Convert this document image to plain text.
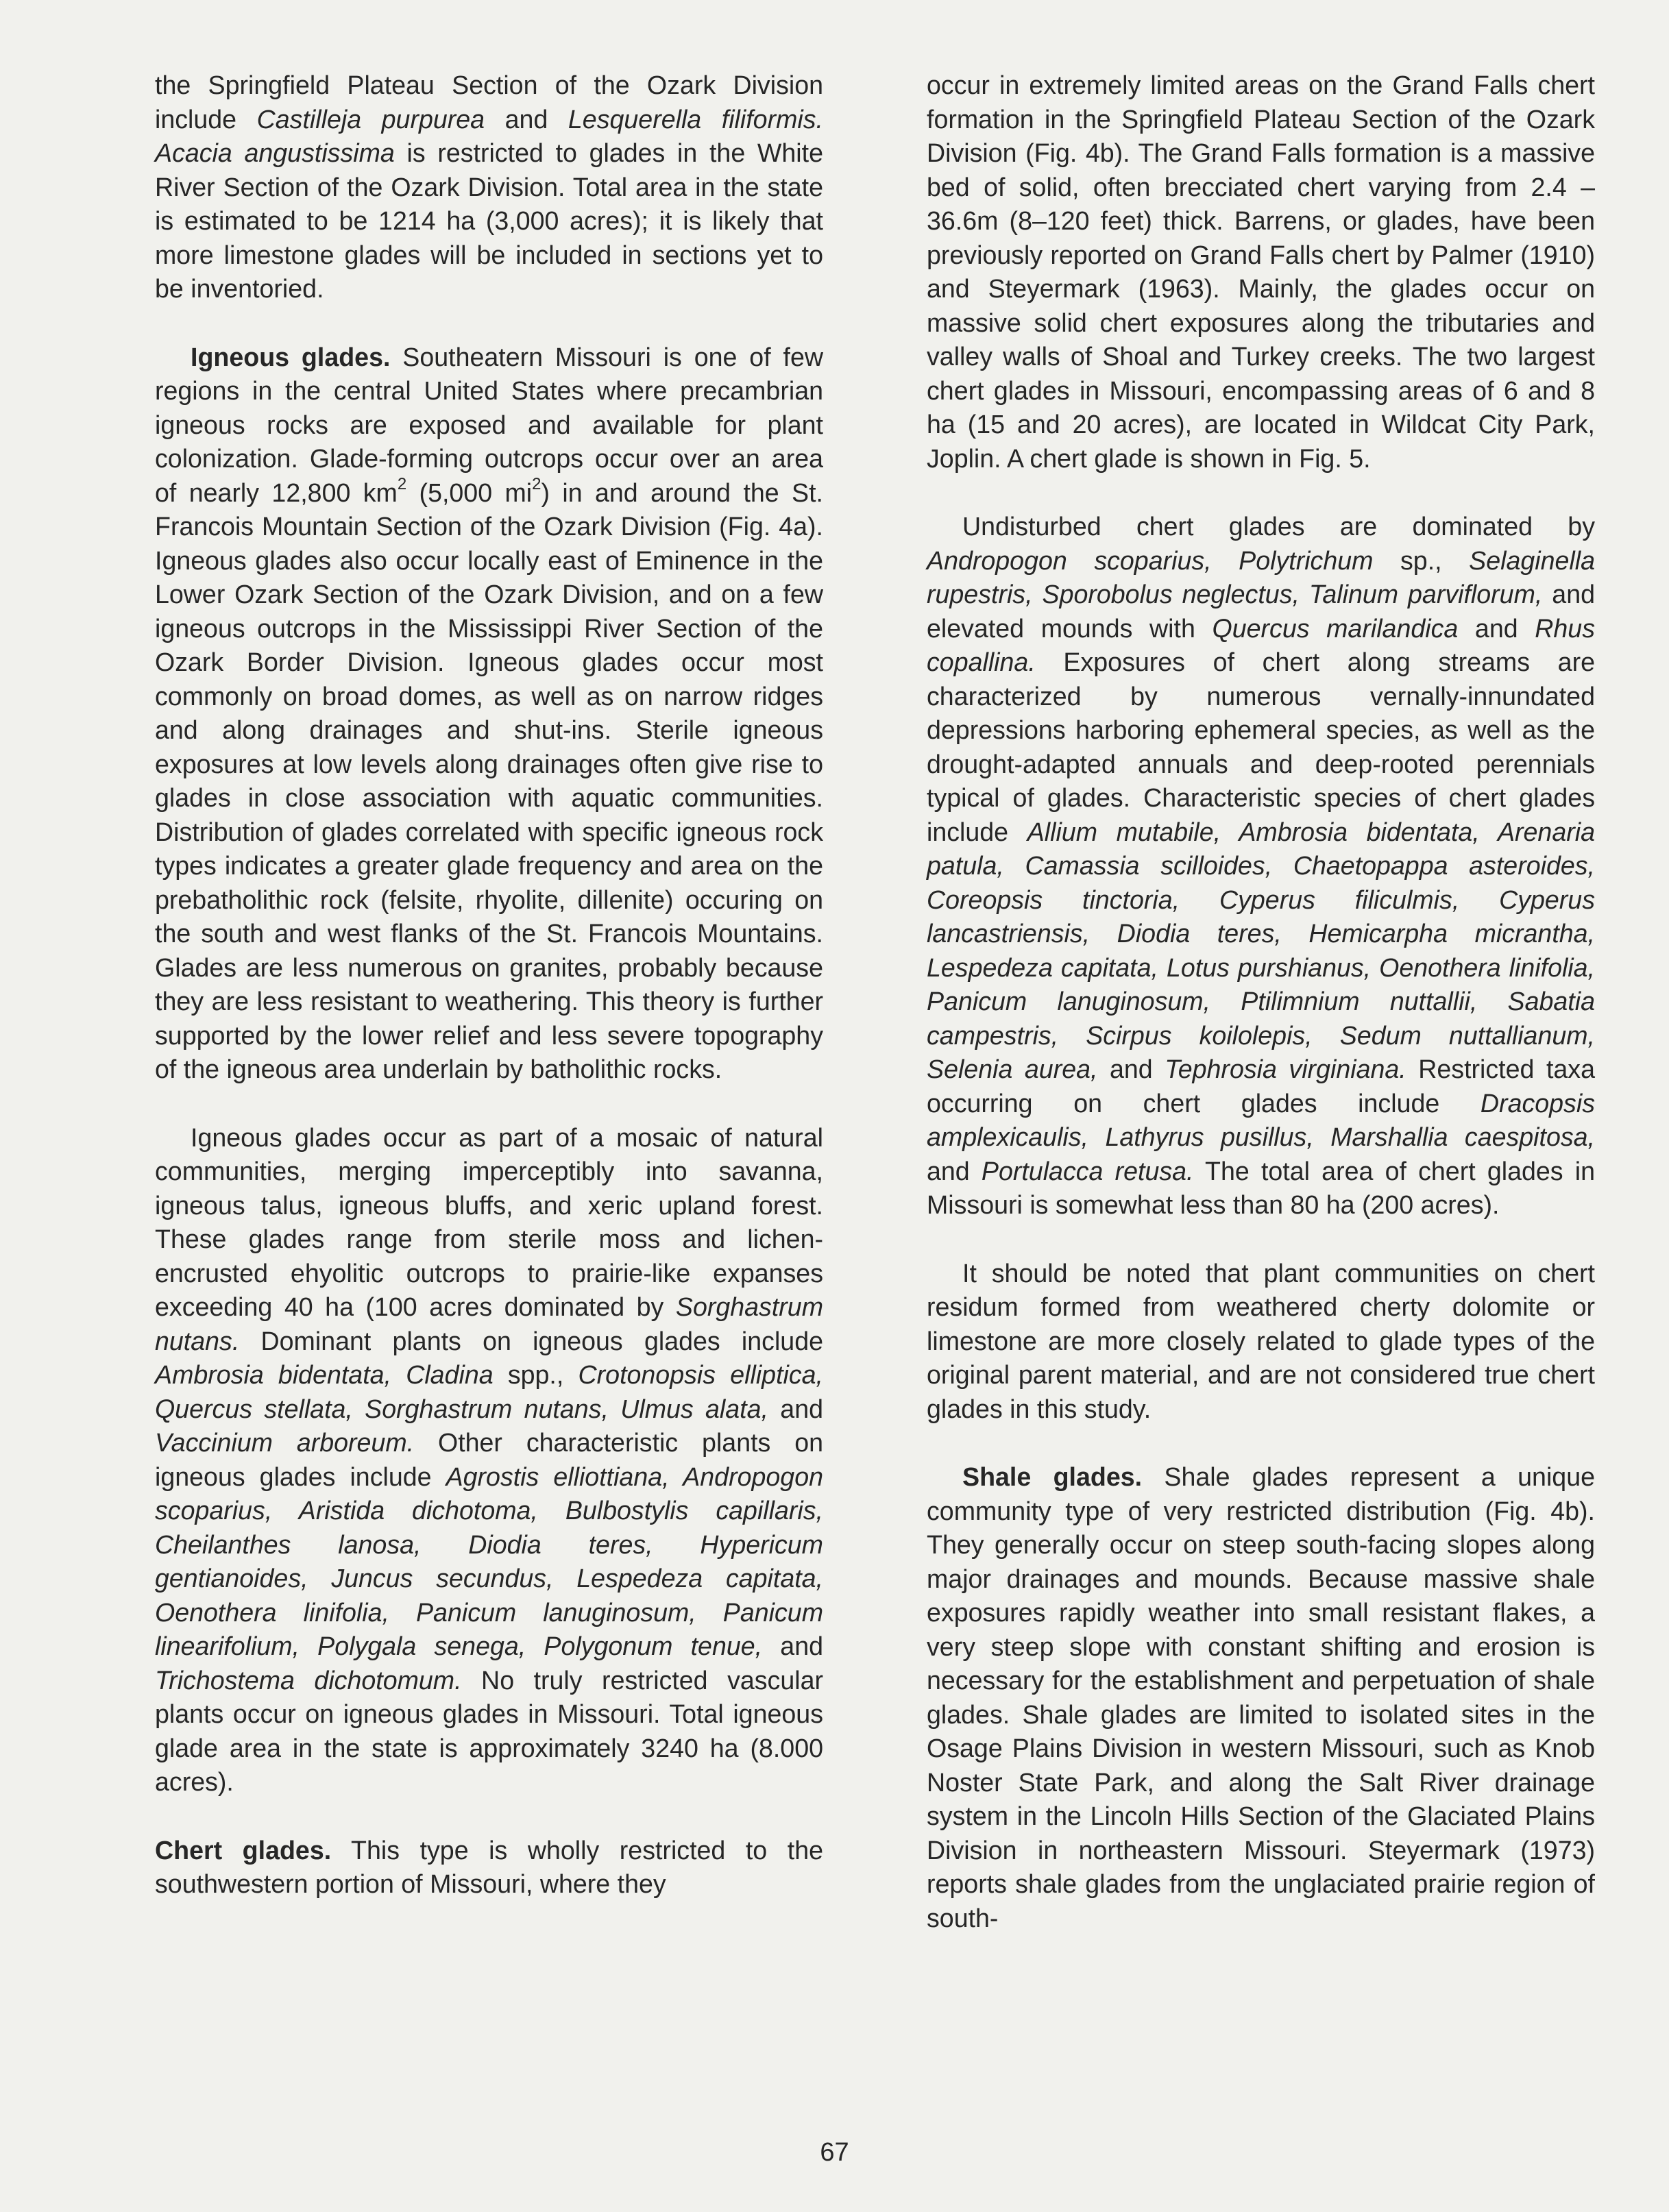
the Springfield Plateau Section of the Ozark Division include Castilleja purpurea and Lesquerella filiformis. Acacia angustissima is restricted to glades in the White River Section of the Ozark Division. Total area in the state is estimated to be 1214 ha (3,000 acres); it is likely that more limestone glades will be included in sections yet to be inventoried.

Igneous glades. Southeatern Missouri is one of few regions in the central United States where precambrian igneous rocks are exposed and available for plant colonization. Glade-forming outcrops occur over an area of nearly 12,800 $km^2$ (5,000 $mi^2$) in and around the St. Francois Mountain Section of the Ozark Division (Fig. 4a). Igneous glades also occur locally east of Eminence in the Lower Ozark Section of the Ozark Division, and on a few igneous outcrops in the Mississippi River Section of the Ozark Border Division. Igneous glades occur most commonly on broad domes, as well as on narrow ridges and along drainages and shut-ins. Sterile igneous exposures at low levels along drainages often give rise to glades in close association with aquatic communities. Distribution of glades correlated with specific igneous rock types indicates a greater glade frequency and area on the prebatholithic rock (felsite, rhyolite, dillenite) occuring on the south and west flanks of the St. Francois Mountains. Glades are less numerous on granites, probably because they are less resistant to weathering. This theory is further supported by the lower relief and less severe topography of the igneous area underlain by batholithic rocks.

Igneous glades occur as part of a mosaic of natural communities, merging imperceptibly into savanna, igneous talus, igneous bluffs, and xeric upland forest. These glades range from sterile moss and lichen-encrusted ehyolitic outcrops to prairie-like expanses exceeding 40 ha (100 acres dominated by Sorghastrum nutans. Dominant plants on igneous glades include Ambrosia bidentata, Cladina spp., Crotonopsis elliptica, Quercus stellata, Sorghastrum nutans, Ulmus alata, and Vaccinium arboreum. Other characteristic plants on igneous glades include Agrostis elliottiana, Andropogon scoparius, Aristida dichotoma, Bulbostylis capillaris, Cheilanthes lanosa, Diodia teres, Hypericum gentianoides, Juncus secundus, Lespedeza capitata, Oenothera linifolia, Panicum lanuginosum, Panicum linearifolium, Polygala senega, Polygonum tenue, and Trichostema dichotomum. No truly restricted vascular plants occur on igneous glades in Missouri. Total igneous glade area in the state is approximately 3240 ha (8.000 acres).

Chert glades. This type is wholly restricted to the southwestern portion of Missouri, where they

occur in extremely limited areas on the Grand Falls chert formation in the Springfield Plateau Section of the Ozark Division (Fig. 4b). The Grand Falls formation is a massive bed of solid, often brecciated chert varying from 2.4 – 36.6m (8–120 feet) thick. Barrens, or glades, have been previously reported on Grand Falls chert by Palmer (1910) and Steyermark (1963). Mainly, the glades occur on massive solid chert exposures along the tributaries and valley walls of Shoal and Turkey creeks. The two largest chert glades in Missouri, encompassing areas of 6 and 8 ha (15 and 20 acres), are located in Wildcat City Park, Joplin. A chert glade is shown in Fig. 5.

Undisturbed chert glades are dominated by Andropogon scoparius, Polytrichum sp., Selaginella rupestris, Sporobolus neglectus, Talinum parviflorum, and elevated mounds with Quercus marilandica and Rhus copallina. Exposures of chert along streams are characterized by numerous vernally-innundated depressions harboring ephemeral species, as well as the drought-adapted annuals and deep-rooted perennials typical of glades. Characteristic species of chert glades include Allium mutabile, Ambrosia bidentata, Arenaria patula, Camassia scilloides, Chaetopappa asteroides, Coreopsis tinctoria, Cyperus filiculmis, Cyperus lancastriensis, Diodia teres, Hemicarpha micrantha, Lespedeza capitata, Lotus purshianus, Oenothera linifolia, Panicum lanuginosum, Ptilimnium nuttallii, Sabatia campestris, Scirpus koilolepis, Sedum nuttallianum, Selenia aurea, and Tephrosia virginiana. Restricted taxa occurring on chert glades include Dracopsis amplexicaulis, Lathyrus pusillus, Marshallia caespitosa, and Portulacca retusa. The total area of chert glades in Missouri is somewhat less than 80 ha (200 acres).

It should be noted that plant communities on chert residum formed from weathered cherty dolomite or limestone are more closely related to glade types of the original parent material, and are not considered true chert glades in this study.

Shale glades. Shale glades represent a unique community type of very restricted distribution (Fig. 4b). They generally occur on steep south-facing slopes along major drainages and mounds. Because massive shale exposures rapidly weather into small resistant flakes, a very steep slope with constant shifting and erosion is necessary for the establishment and perpetuation of shale glades. Shale glades are limited to isolated sites in the Osage Plains Division in western Missouri, such as Knob Noster State Park, and along the Salt River drainage system in the Lincoln Hills Section of the Glaciated Plains Division in northeastern Missouri. Steyermark (1973) reports shale glades from the unglaciated prairie region of south-

67
